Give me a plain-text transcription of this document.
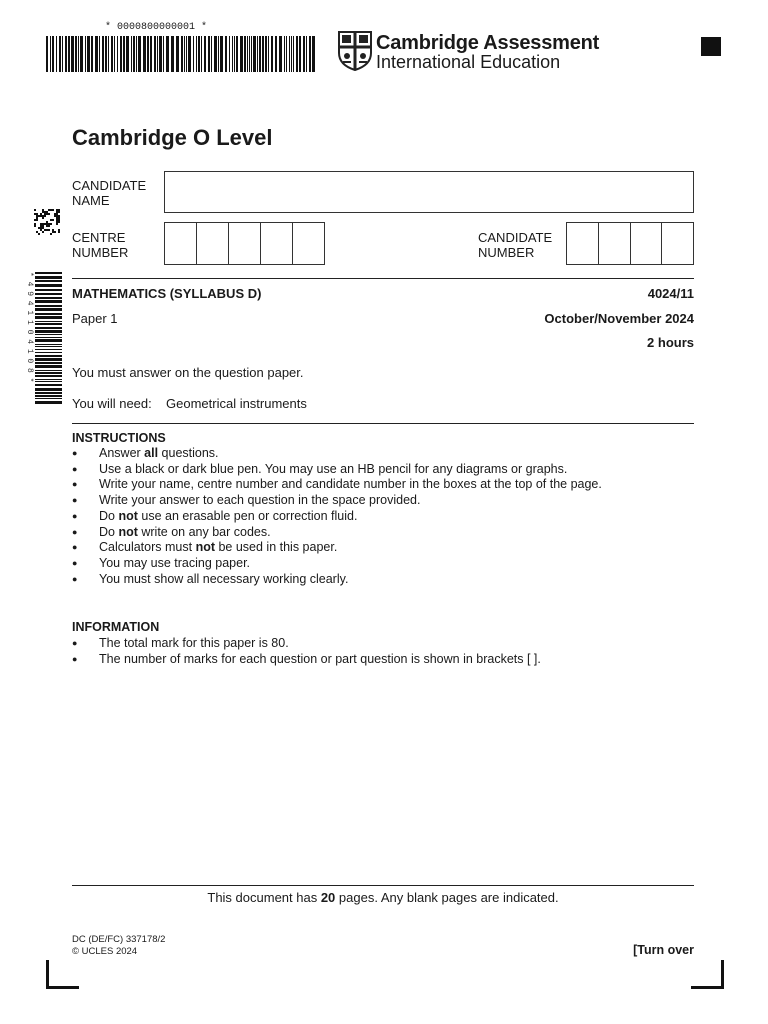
* 0000800000001 *
Cambridge Assessment
International Education
* 4 9 4 1 1 0 4 1 0 8 *
Cambridge O Level
CANDIDATE
NAME
CENTRE
NUMBER
CANDIDATE
NUMBER
MATHEMATICS (SYLLABUS D)	4024/11
Paper 1	October/November 2024
2 hours
You must answer on the question paper.
You will need: Geometrical instruments
INSTRUCTIONS
● Answer all questions.
● Use a black or dark blue pen. You may use an HB pencil for any diagrams or graphs.
● Write your name, centre number and candidate number in the boxes at the top of the page.
● Write your answer to each question in the space provided.
● Do not use an erasable pen or correction fluid.
● Do not write on any bar codes.
● Calculators must not be used in this paper.
● You may use tracing paper.
● You must show all necessary working clearly.
INFORMATION
● The total mark for this paper is 80.
● The number of marks for each question or part question is shown in brackets [ ].
This document has 20 pages. Any blank pages are indicated.
DC (DE/FC) 337178/2
© UCLES 2024	[Turn over
